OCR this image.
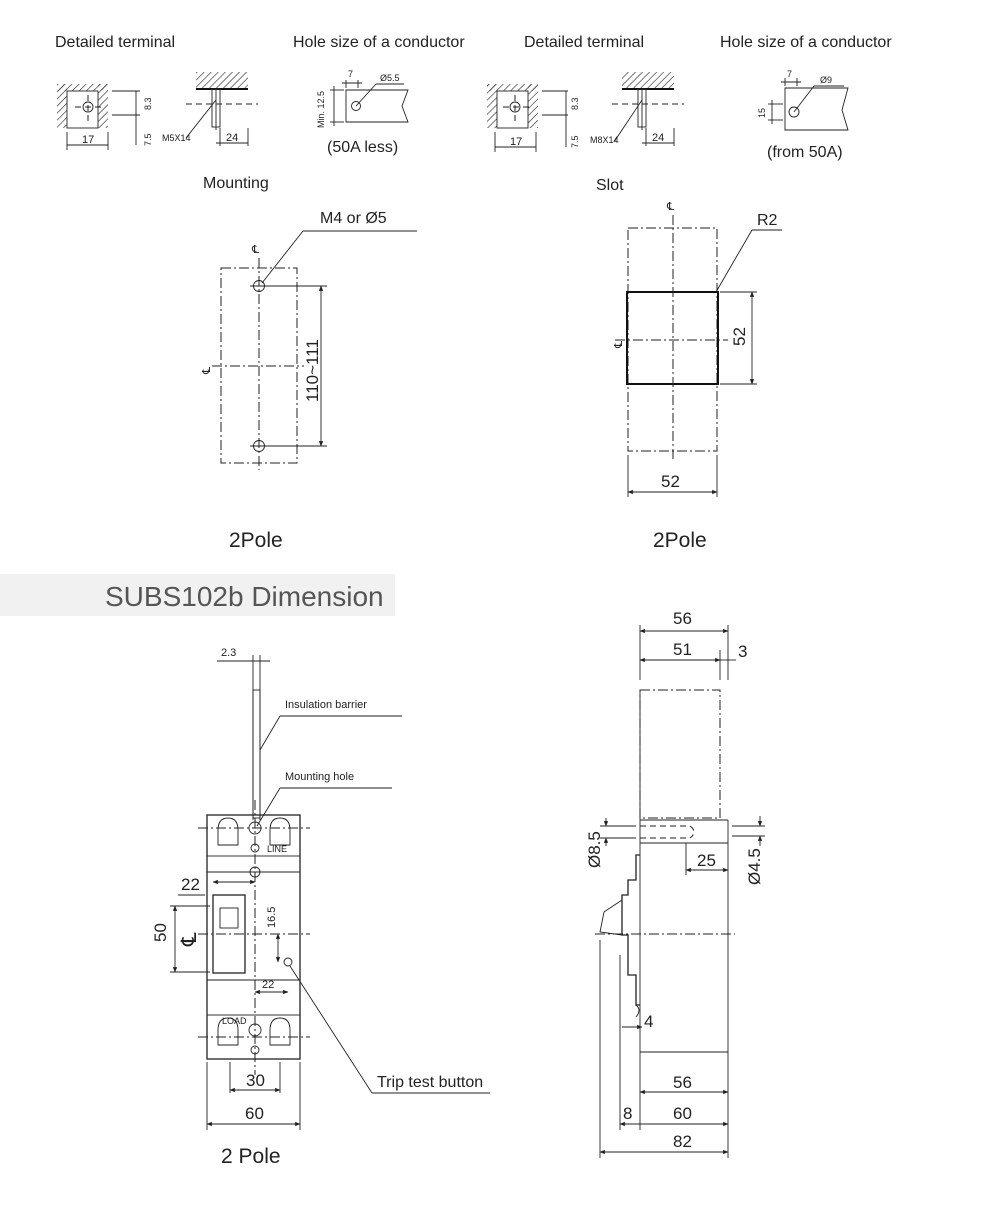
Detailed terminal
17
8.3
7.5 M5X14	24
Hole size of a conductor
7	Ø5.5
Min. 12.5
(50A less)
Detailed terminal
17
8.3
7.5 M8X14	24
Hole size of a conductor
7
Ø9
15
(from 50A)
Mounting
M4 or Ø5
℄
℄	110~111
2Pole
Slot
℄
℄
R2
52
52
2Pole
SUBS102b Dimension
2.3
Insulation barrier
Mounting hole
LINE
LOAD
22
50 ℄
16.5
22
30
60
Trip test button
2 Pole
56
51	3
Ø8.5	Ø4.5
25
4
56
60
8
82
